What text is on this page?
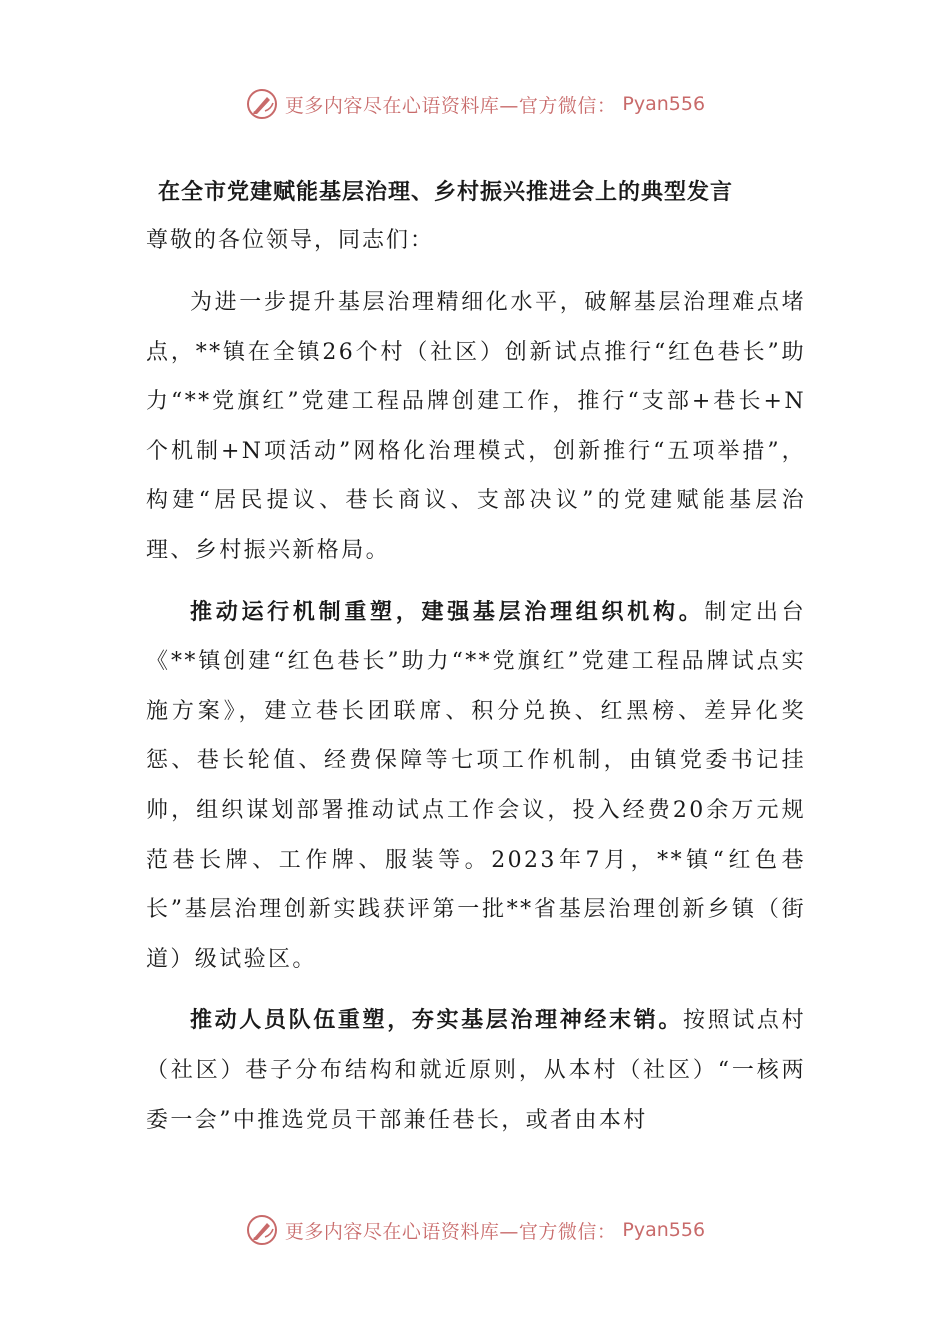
更多内容尽在心语资料库—官方微信： Pyan556
在全市党建赋能基层治理、乡村振兴推进会上的典型发言

尊敬的各位领导，同志们：

为进一步提升基层治理精细化水平，破解基层治理难点堵点，**镇在全镇26个村（社区）创新试点推行“红色巷长”助力“**党旗红”党建工程品牌创建工作，推行“支部+巷长+N个机制+N项活动”网格化治理模式，创新推行“五项举措”，构建“居民提议、巷长商议、支部决议”的党建赋能基层治理、乡村振兴新格局。

推动运行机制重塑，建强基层治理组织机构。制定出台《**镇创建“红色巷长”助力“**党旗红”党建工程品牌试点实施方案》，建立巷长团联席、积分兑换、红黑榜、差异化奖惩、巷长轮值、经费保障等七项工作机制，由镇党委书记挂帅，组织谋划部署推动试点工作会议，投入经费20余万元规范巷长牌、工作牌、服装等。2023年7月，**镇“红色巷长”基层治理创新实践获评第一批**省基层治理创新乡镇（街道）级试验区。

推动人员队伍重塑，夯实基层治理神经末销。按照试点村（社区）巷子分布结构和就近原则，从本村（社区）“一核两委一会”中推选党员干部兼任巷长，或者由本村

更多内容尽在心语资料库—官方微信： Pyan556
